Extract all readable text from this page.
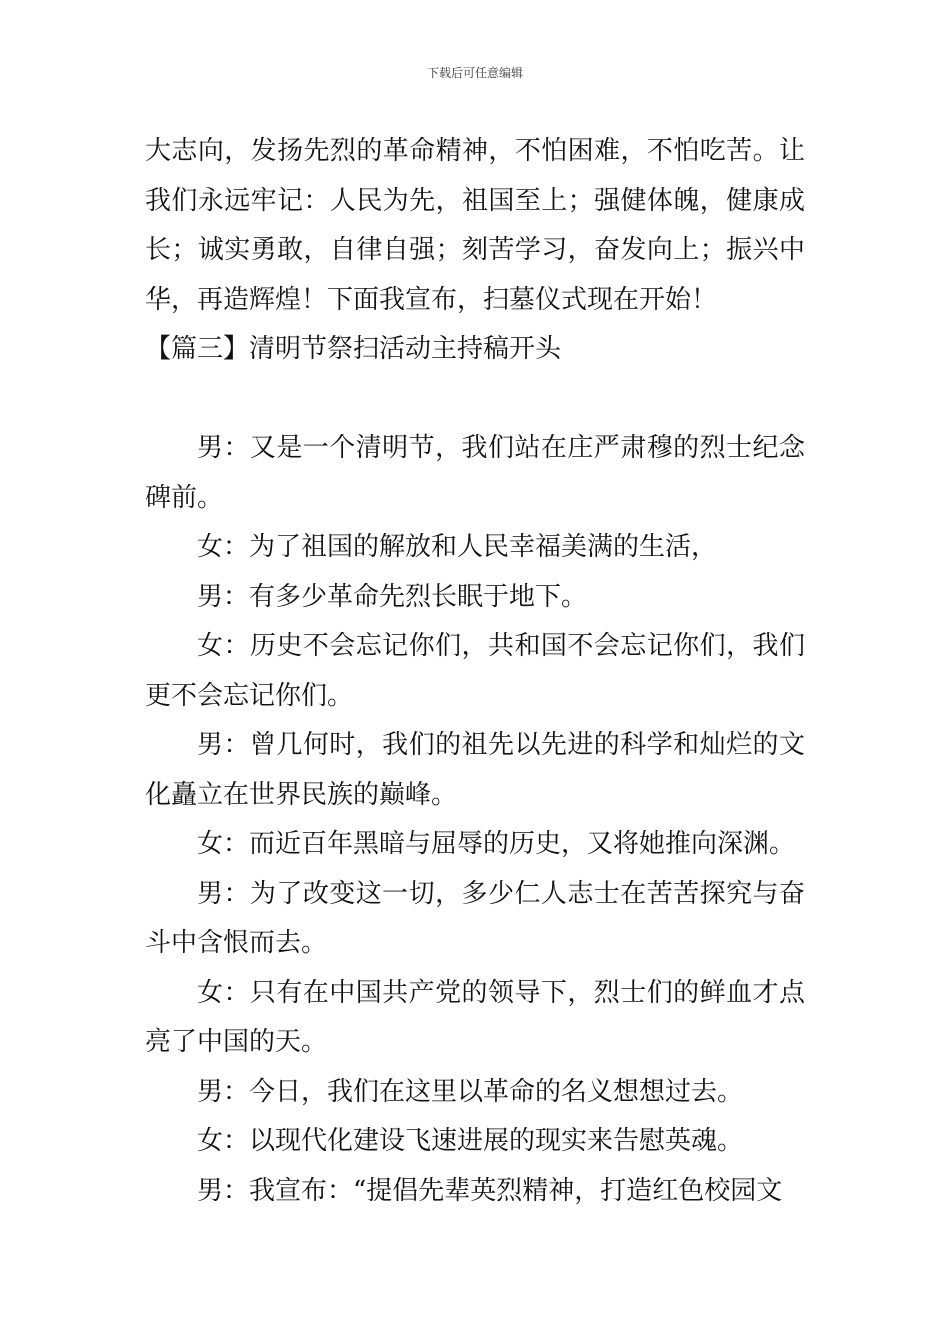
下载后可任意编辑

大志向，发扬先烈的革命精神，不怕困难，不怕吃苦。让我们永远牢记：人民为先，祖国至上；强健体魄，健康成长；诚实勇敢，自律自强；刻苦学习，奋发向上；振兴中华，再造辉煌！下面我宣布，扫墓仪式现在开始！

【篇三】清明节祭扫活动主持稿开头

男：又是一个清明节，我们站在庄严肃穆的烈士纪念碑前。

女：为了祖国的解放和人民幸福美满的生活，

男：有多少革命先烈长眠于地下。

女：历史不会忘记你们，共和国不会忘记你们，我们更不会忘记你们。

男：曾几何时，我们的祖先以先进的科学和灿烂的文化矗立在世界民族的巅峰。

女：而近百年黑暗与屈辱的历史，又将她推向深渊。

男：为了改变这一切，多少仁人志士在苦苦探究与奋斗中含恨而去。

女：只有在中国共产党的领导下，烈士们的鲜血才点亮了中国的天。

男：今日，我们在这里以革命的名义想想过去。

女：以现代化建设飞速进展的现实来告慰英魂。

男：我宣布：“提倡先辈英烈精神，打造红色校园文
